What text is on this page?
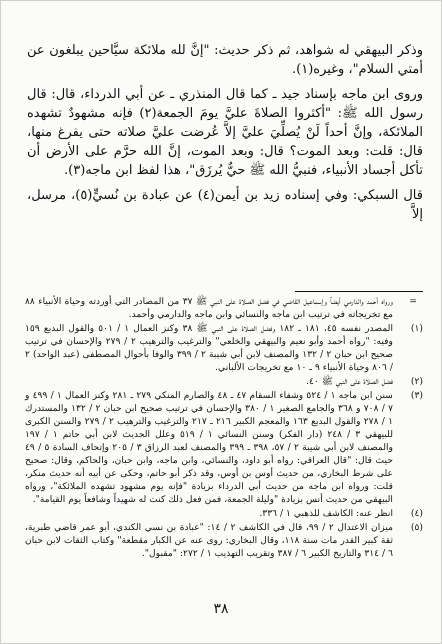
وذكر البيهقي له شواهد، ثم ذكر حديث: "إنَّ لله ملائكة سيَّاحين يبلغون عن أمتي السلام"، وغيره(١).

وروى ابن ماجه بإسناد جيد ـ كما قال المنذري ـ عن أبي الدرداء، قال: قال رسول الله ﷺ: "أكثروا الصلاةَ عليَّ يومَ الجمعة(٢) فإنه مشهودٌ تشهده الملائكة، وإنَّ أحداً لَنْ يُصلِّيَ عليَّ إلاَّ عُرضت عليَّ صلاته حتى يفرغ منها، قال: قلت: وبعد الموت؟ قال: وبعد الموت، إنَّ الله حرَّم على الأرض أن تأكل أجساد الأنبياء، فنبيُّ الله ﷺ حيٌّ يُرزَق"، هذا لفظ ابن ماجه(٣).

قال السبكي: وفي إسناده زيد بن أيمن(٤) عن عبادة بن نُسيٍّ(٥)، مرسل، إلاَّ

=
ورواه أحمد والدارمي أيضاً وإسماعيل القاضي في فضل الصلاة على النبي ﷺ ٣٧ من المصادر التي أوردته وحياة الأنبياء ٨٨ مع تخريجاته في ترتيب ابن ماجه والنسائي وابن ماجه والدارمي وأحمد.
(١)
المصدر نفسه ٤٥، ١٨١ ـ ١٨٢ وفضل الصلاة على النبي ﷺ ٣٨ وكنز العمال ١ / ٥٠١ والقول البديع ١٥٩ وفيه: "رواه أحمد وأبو نعيم والبيهقي والخلعي" والترغيب والترهيب ٢ / ٢٧٩ والإحسان في ترتيب صحيح ابن حبان ٢ / ١٣٢ والمصنف لابن أبي شيبة ٢ / ٣٩٩ والوفا بأحوال المصطفى (عبد الواحد) ٢ / ٨٠٦ وحياة الأنبياء ٩ ـ ١٠ مع تخريجات الألباني.
(٢)
فضل الصلاة على النبي ﷺ ٤٠.
(٣)
سنن ابن ماجه ١ / ٥٢٤ وشفاء السقام ٤٧ ـ ٤٨ والصارم المنكي ٢٧٩ ـ ٢٨١ وكنز العمال ١ / ٤٩٩ و ٧ / ٧٠٨ و ٣٦٨ والجامع الصغير ١ / ٣٨٠ والإحسان في ترتيب صحيح ابن حبان ٢ / ١٣٢ والمستدرك ١ / ٢٧٨ والقول البديع ١٦٣ والمعجم الكبير ٢١٦ ـ ٢١٧ والترغيب والترهيب ٢ / ٢٧٩ والسنن الكبرى للبيهقي ٣ / ٢٤٨ (دار الفكر) وسنن النسائي ١ / ٥١٩ وعلل الحديث لابن أبي حاتم ١ / ١٩٧ والمصنف لابن أبي شيبة ٢ / ٥٧، ٣٩٨ ـ ٣٩٩ والمصنف لعبد الرزاق ٣ / ٢٠٥ وإتحاف السادة ٥ / ٤٩ حيث قال: "قال العراقي: رواه أبو داود، والنسائي، وابن ماجه، وابن حبان، والحاكم، وقال: صحيح على شرط البخاري، من حديث أوس بن أوس، وقد ذكر أبو حاتم، وحكى عن أبيه أنه حديث منكر، قلت: ورواه ابن ماجه من حديث أبي الدرداء بزيادة "فإنه يوم مشهود تشهده الملائكة"، ورواه البيهقي من حديث أنس بزيادة "وليلة الجمعة، فمن فعل ذلك كنت له شهيداً وشافعاً يوم القيامة".
(٤)
انظر عنه: الكاشف للذهبي ١ / ٣٣٦.
(٥)
ميزان الاعتدال ٢ / ٩٩، قال في الكاشف ٢ / ١٤: "عبادة بن نسي الكندي، أبو عمر قاضي طبرية، ثقة كبير القدر مات سنة ١١٨، وقال البخاري: روى عنه عن الكبار مقطعة" وكتاب الثقات لابن حبان ٦ / ٣١٤ والتاريخ الكبير ٦ / ٣٨٧ وتقريب التهذيب ١ / ٢٧٢: "مقبول".
٣٨
